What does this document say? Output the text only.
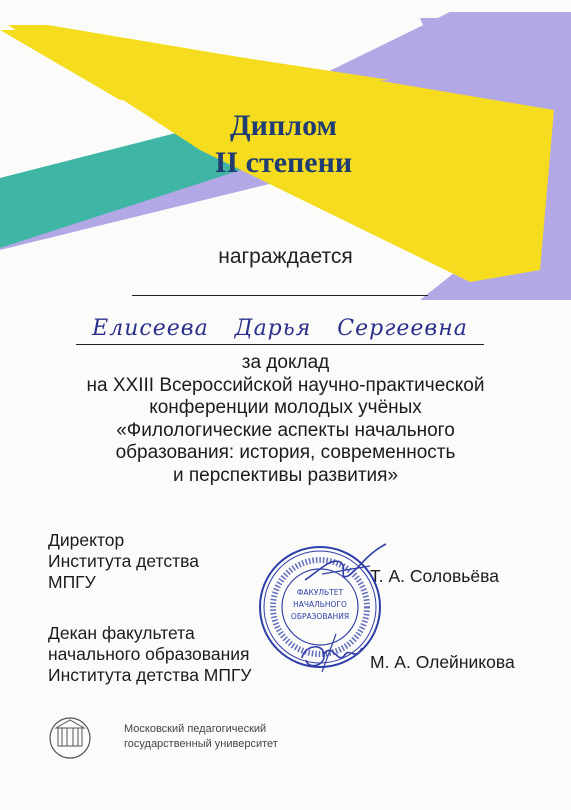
Диплом
II степени
награждается
Елисеева Дарья Сергеевна
за доклад
на XXIII Всероссийской научно-практической
конференции молодых учёных
«Филологические аспекты начального
образования: история, современность
и перспективы развития»
Директор
Института детства
МПГУ	Т. А. Соловьёва
Декан факультета
начального образования
Института детства МПГУ
М. А. Олейникова
ФАКУЛЬТЕТ
НАЧАЛЬНОГО
ОБРАЗОВАНИЯ
Московский педагогический
государственный университет
